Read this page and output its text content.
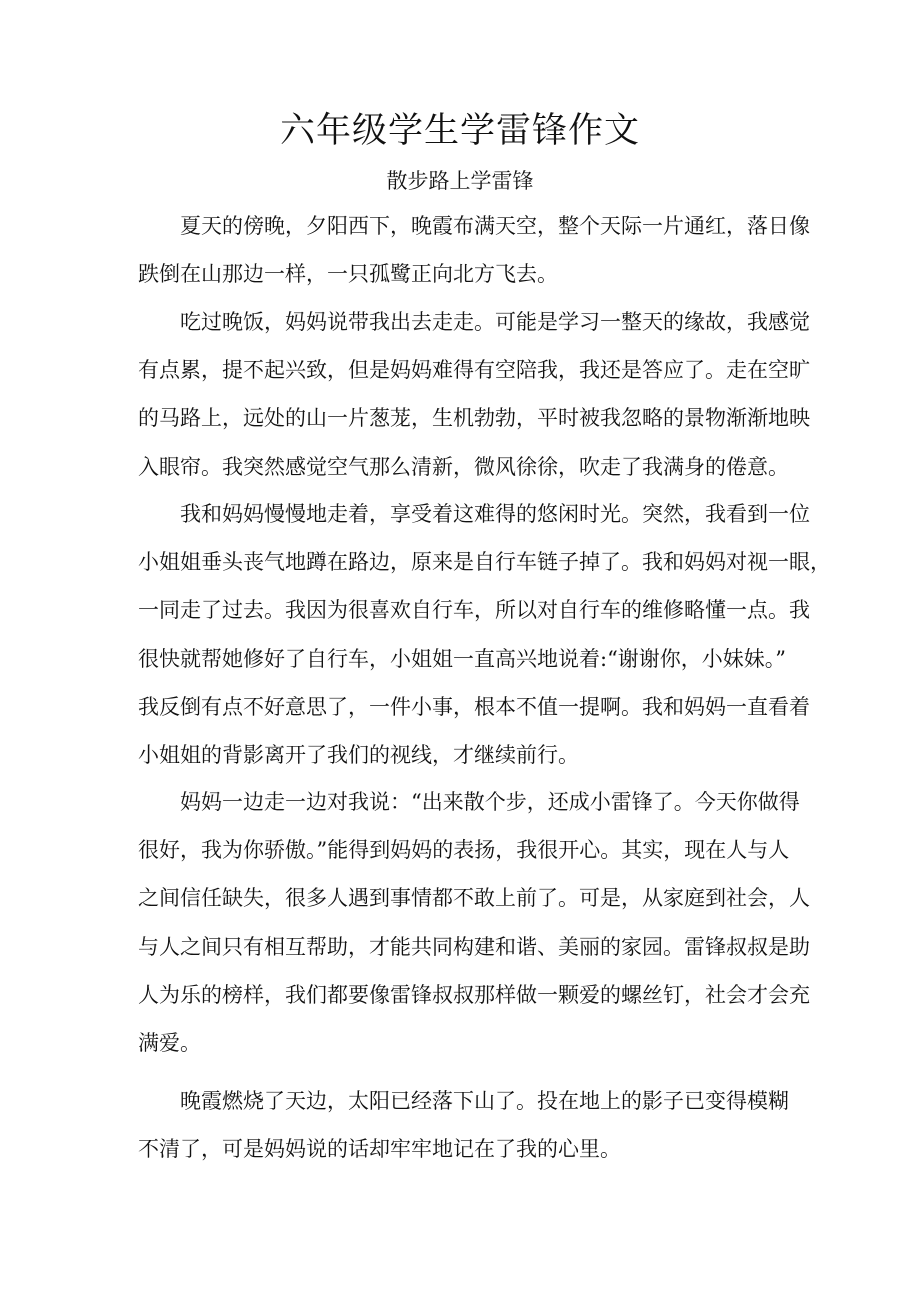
六年级学生学雷锋作文
散步路上学雷锋

夏天的傍晚，夕阳西下，晚霞布满天空，整个天际一片通红，落日像
跌倒在山那边一样，一只孤鹭正向北方飞去。

吃过晚饭，妈妈说带我出去走走。可能是学习一整天的缘故，我感觉
有点累，提不起兴致，但是妈妈难得有空陪我，我还是答应了。走在空旷
的马路上，远处的山一片葱茏，生机勃勃，平时被我忽略的景物渐渐地映
入眼帘。我突然感觉空气那么清新，微风徐徐，吹走了我满身的倦意。

我和妈妈慢慢地走着，享受着这难得的悠闲时光。突然，我看到一位
小姐姐垂头丧气地蹲在路边，原来是自行车链子掉了。我和妈妈对视一眼，
一同走了过去。我因为很喜欢自行车，所以对自行车的维修略懂一点。我
很快就帮她修好了自行车，小姐姐一直高兴地说着:“谢谢你，小妹妹。”
我反倒有点不好意思了，一件小事，根本不值一提啊。我和妈妈一直看着
小姐姐的背影离开了我们的视线，才继续前行。

妈妈一边走一边对我说：“出来散个步，还成小雷锋了。今天你做得
很好，我为你骄傲。”能得到妈妈的表扬，我很开心。其实，现在人与人
之间信任缺失，很多人遇到事情都不敢上前了。可是，从家庭到社会，人
与人之间只有相互帮助，才能共同构建和谐、美丽的家园。雷锋叔叔是助
人为乐的榜样，我们都要像雷锋叔叔那样做一颗爱的螺丝钉，社会才会充
满爱。

晚霞燃烧了天边，太阳已经落下山了。投在地上的影子已变得模糊
不清了，可是妈妈说的话却牢牢地记在了我的心里。
